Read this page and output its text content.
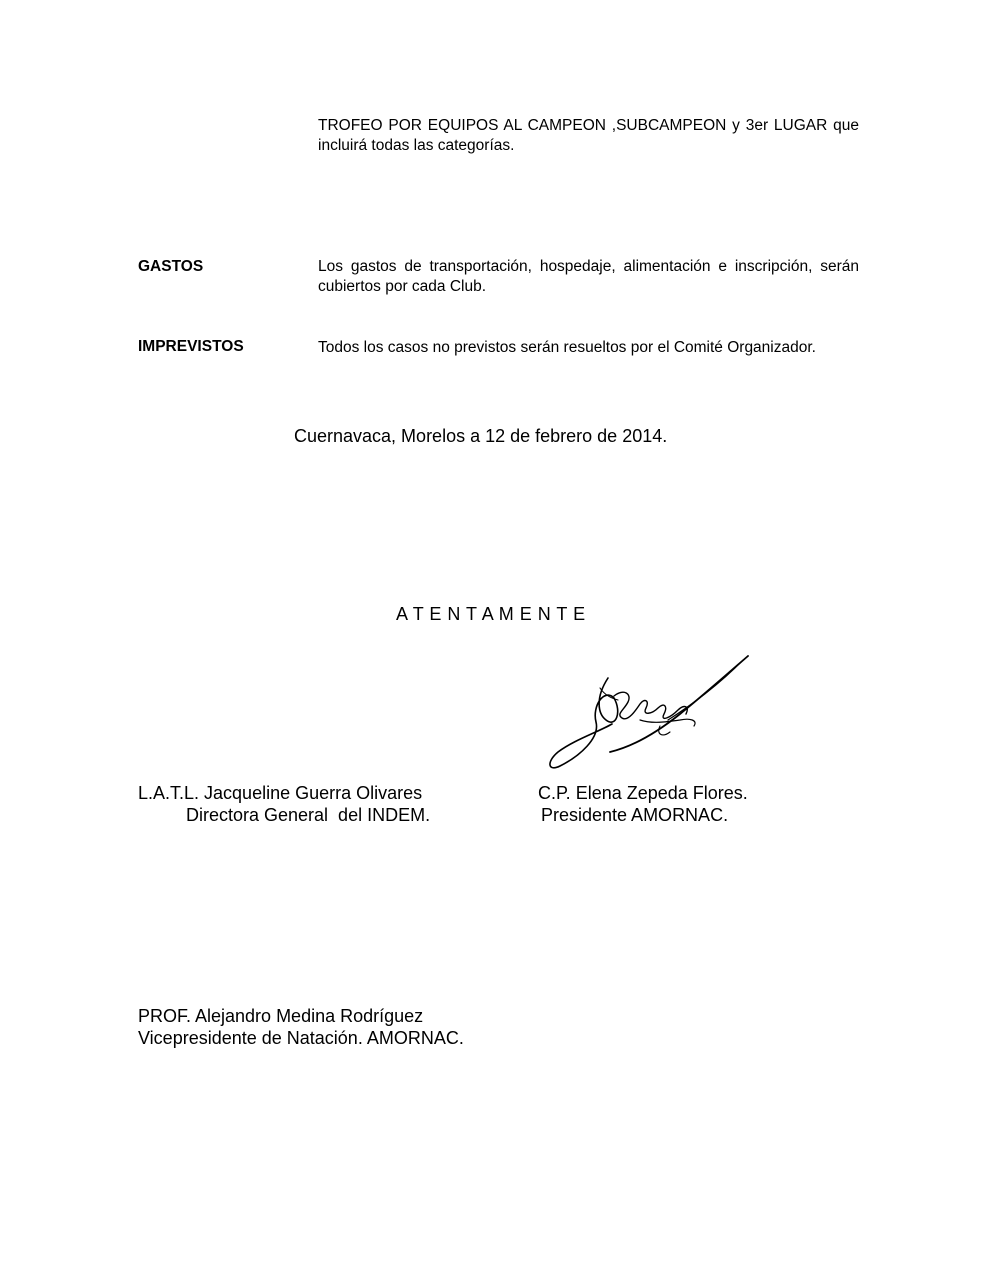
TROFEO POR EQUIPOS AL CAMPEON ,SUBCAMPEON y 3er LUGAR que incluirá todas las categorías.
GASTOS	Los gastos de transportación, hospedaje, alimentación e inscripción, serán cubiertos por cada Club.
IMPREVISTOS	Todos los casos no previstos serán resueltos por el Comité Organizador.
Cuernavaca, Morelos a 12 de febrero de 2014.
A T E N T A M E N T E
L.A.T.L. Jacqueline Guerra Olivares
Directora General  del INDEM.
C.P. Elena Zepeda Flores.
Presidente AMORNAC.
PROF. Alejandro Medina Rodríguez
Vicepresidente de Natación. AMORNAC.
